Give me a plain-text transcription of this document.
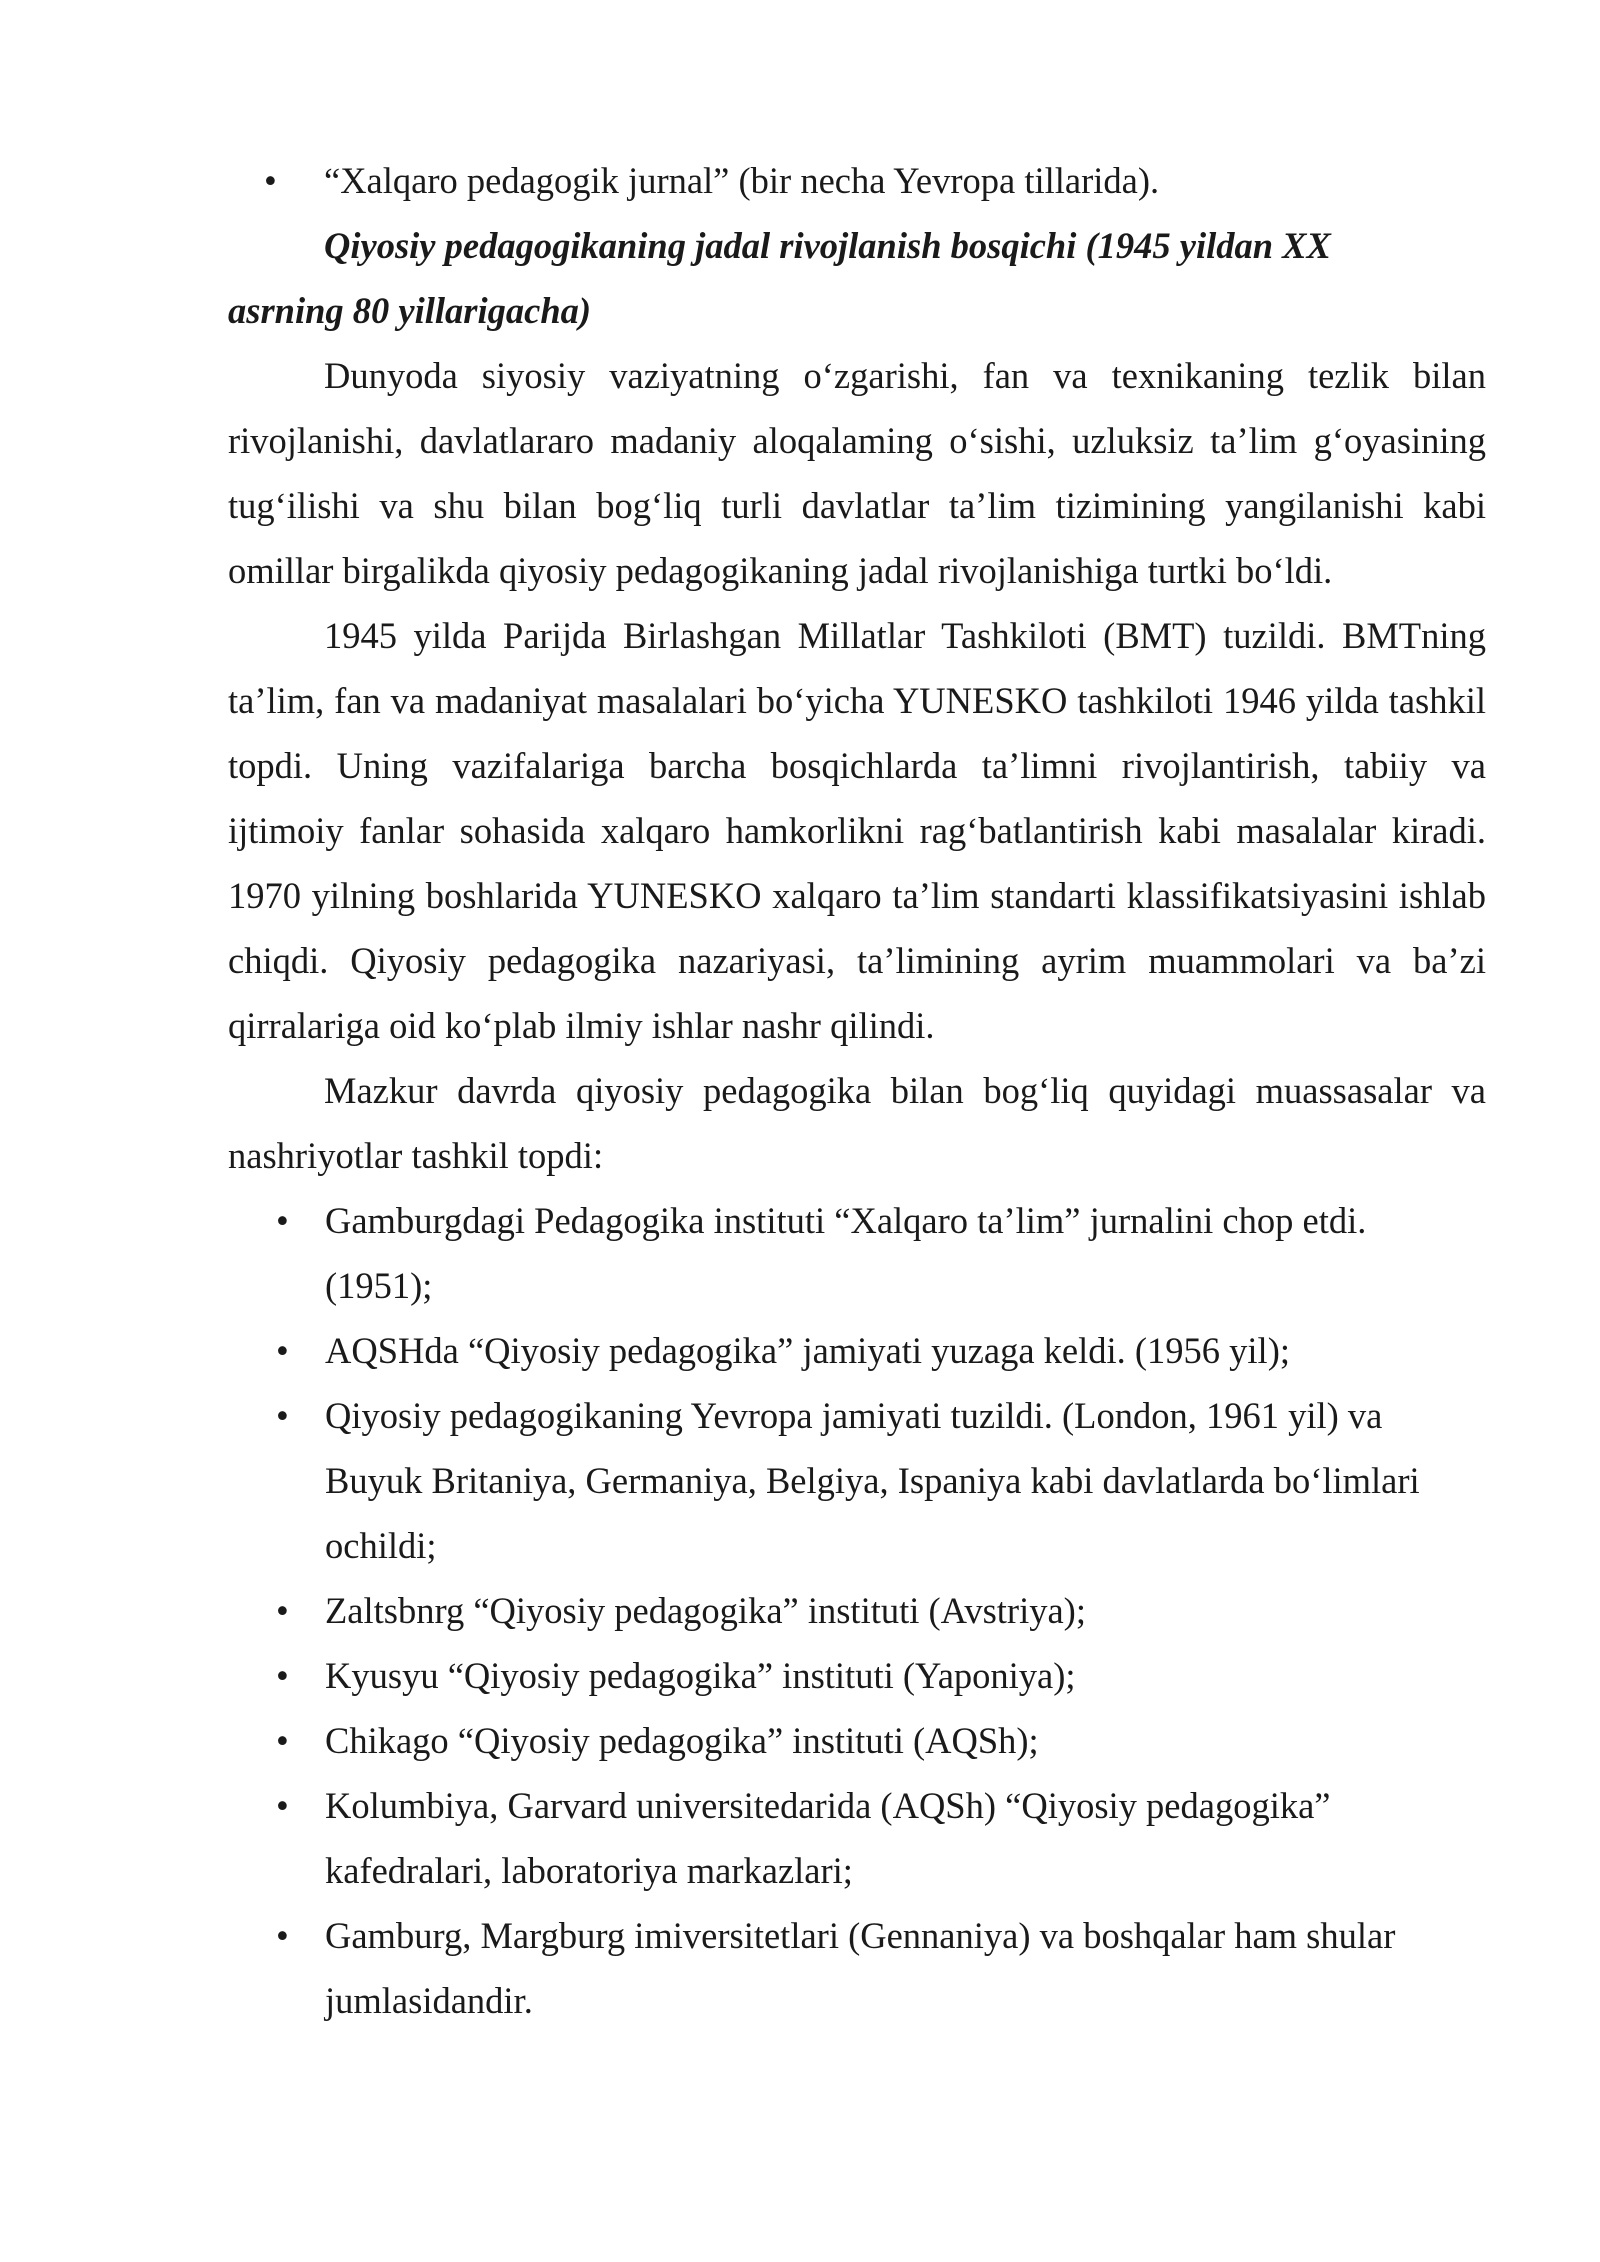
•	“Xalqaro pedagogik jurnal” (bir necha Yevropa tillarida).

Qiyosiy pedagogikaning jadal rivojlanish bosqichi (1945 yildan XX asrning 80 yillarigacha)

Dunyoda siyosiy vaziyatning o‘zgarishi, fan va texnikaning tezlik bilan rivojlanishi, davlatlararo madaniy aloqalaming o‘sishi, uzluksiz ta’lim g‘oyasining tug‘ilishi va shu bilan bog‘liq turli davlatlar ta’lim tizimining yangilanishi kabi omillar birgalikda qiyosiy pedagogikaning jadal rivojlanishiga turtki bo‘ldi.

1945 yilda Parijda Birlashgan Millatlar Tashkiloti (BMT) tuzildi. BMTning ta’lim, fan va madaniyat masalalari bo‘yicha YUNESKO tashkiloti 1946 yilda tashkil topdi. Uning vazifalariga barcha bosqichlarda ta’limni rivojlantirish, tabiiy va ijtimoiy fanlar sohasida xalqaro hamkorlikni rag‘batlantirish kabi masalalar kiradi. 1970 yilning boshlarida YUNESKO xalqaro ta’lim standarti klassifikatsiyasini ishlab chiqdi. Qiyosiy pedagogika nazariyasi, ta’limining ayrim muammolari va ba’zi qirralariga oid ko‘plab ilmiy ishlar nashr qilindi.

Mazkur davrda qiyosiy pedagogika bilan bog‘liq quyidagi muassasalar va nashriyotlar tashkil topdi:

• Gamburgdagi Pedagogika instituti “Xalqaro ta’lim” jurnalini chop etdi. (1951);
• AQSHda “Qiyosiy pedagogika” jamiyati yuzaga keldi. (1956 yil);
• Qiyosiy pedagogikaning Yevropa jamiyati tuzildi. (London, 1961 yil) va Buyuk Britaniya, Germaniya, Belgiya, Ispaniya kabi davlatlarda bo‘limlari ochildi;
• Zaltsbnrg “Qiyosiy pedagogika” instituti (Avstriya);
• Kyusyu “Qiyosiy pedagogika” instituti (Yaponiya);
• Chikago “Qiyosiy pedagogika” instituti (AQSh);
• Kolumbiya, Garvard universitedarida (AQSh) “Qiyosiy pedagogika” kafedralari, laboratoriya markazlari;
• Gamburg, Margburg imiversitetlari (Gennaniya) va boshqalar ham shular jumlasidandir.
